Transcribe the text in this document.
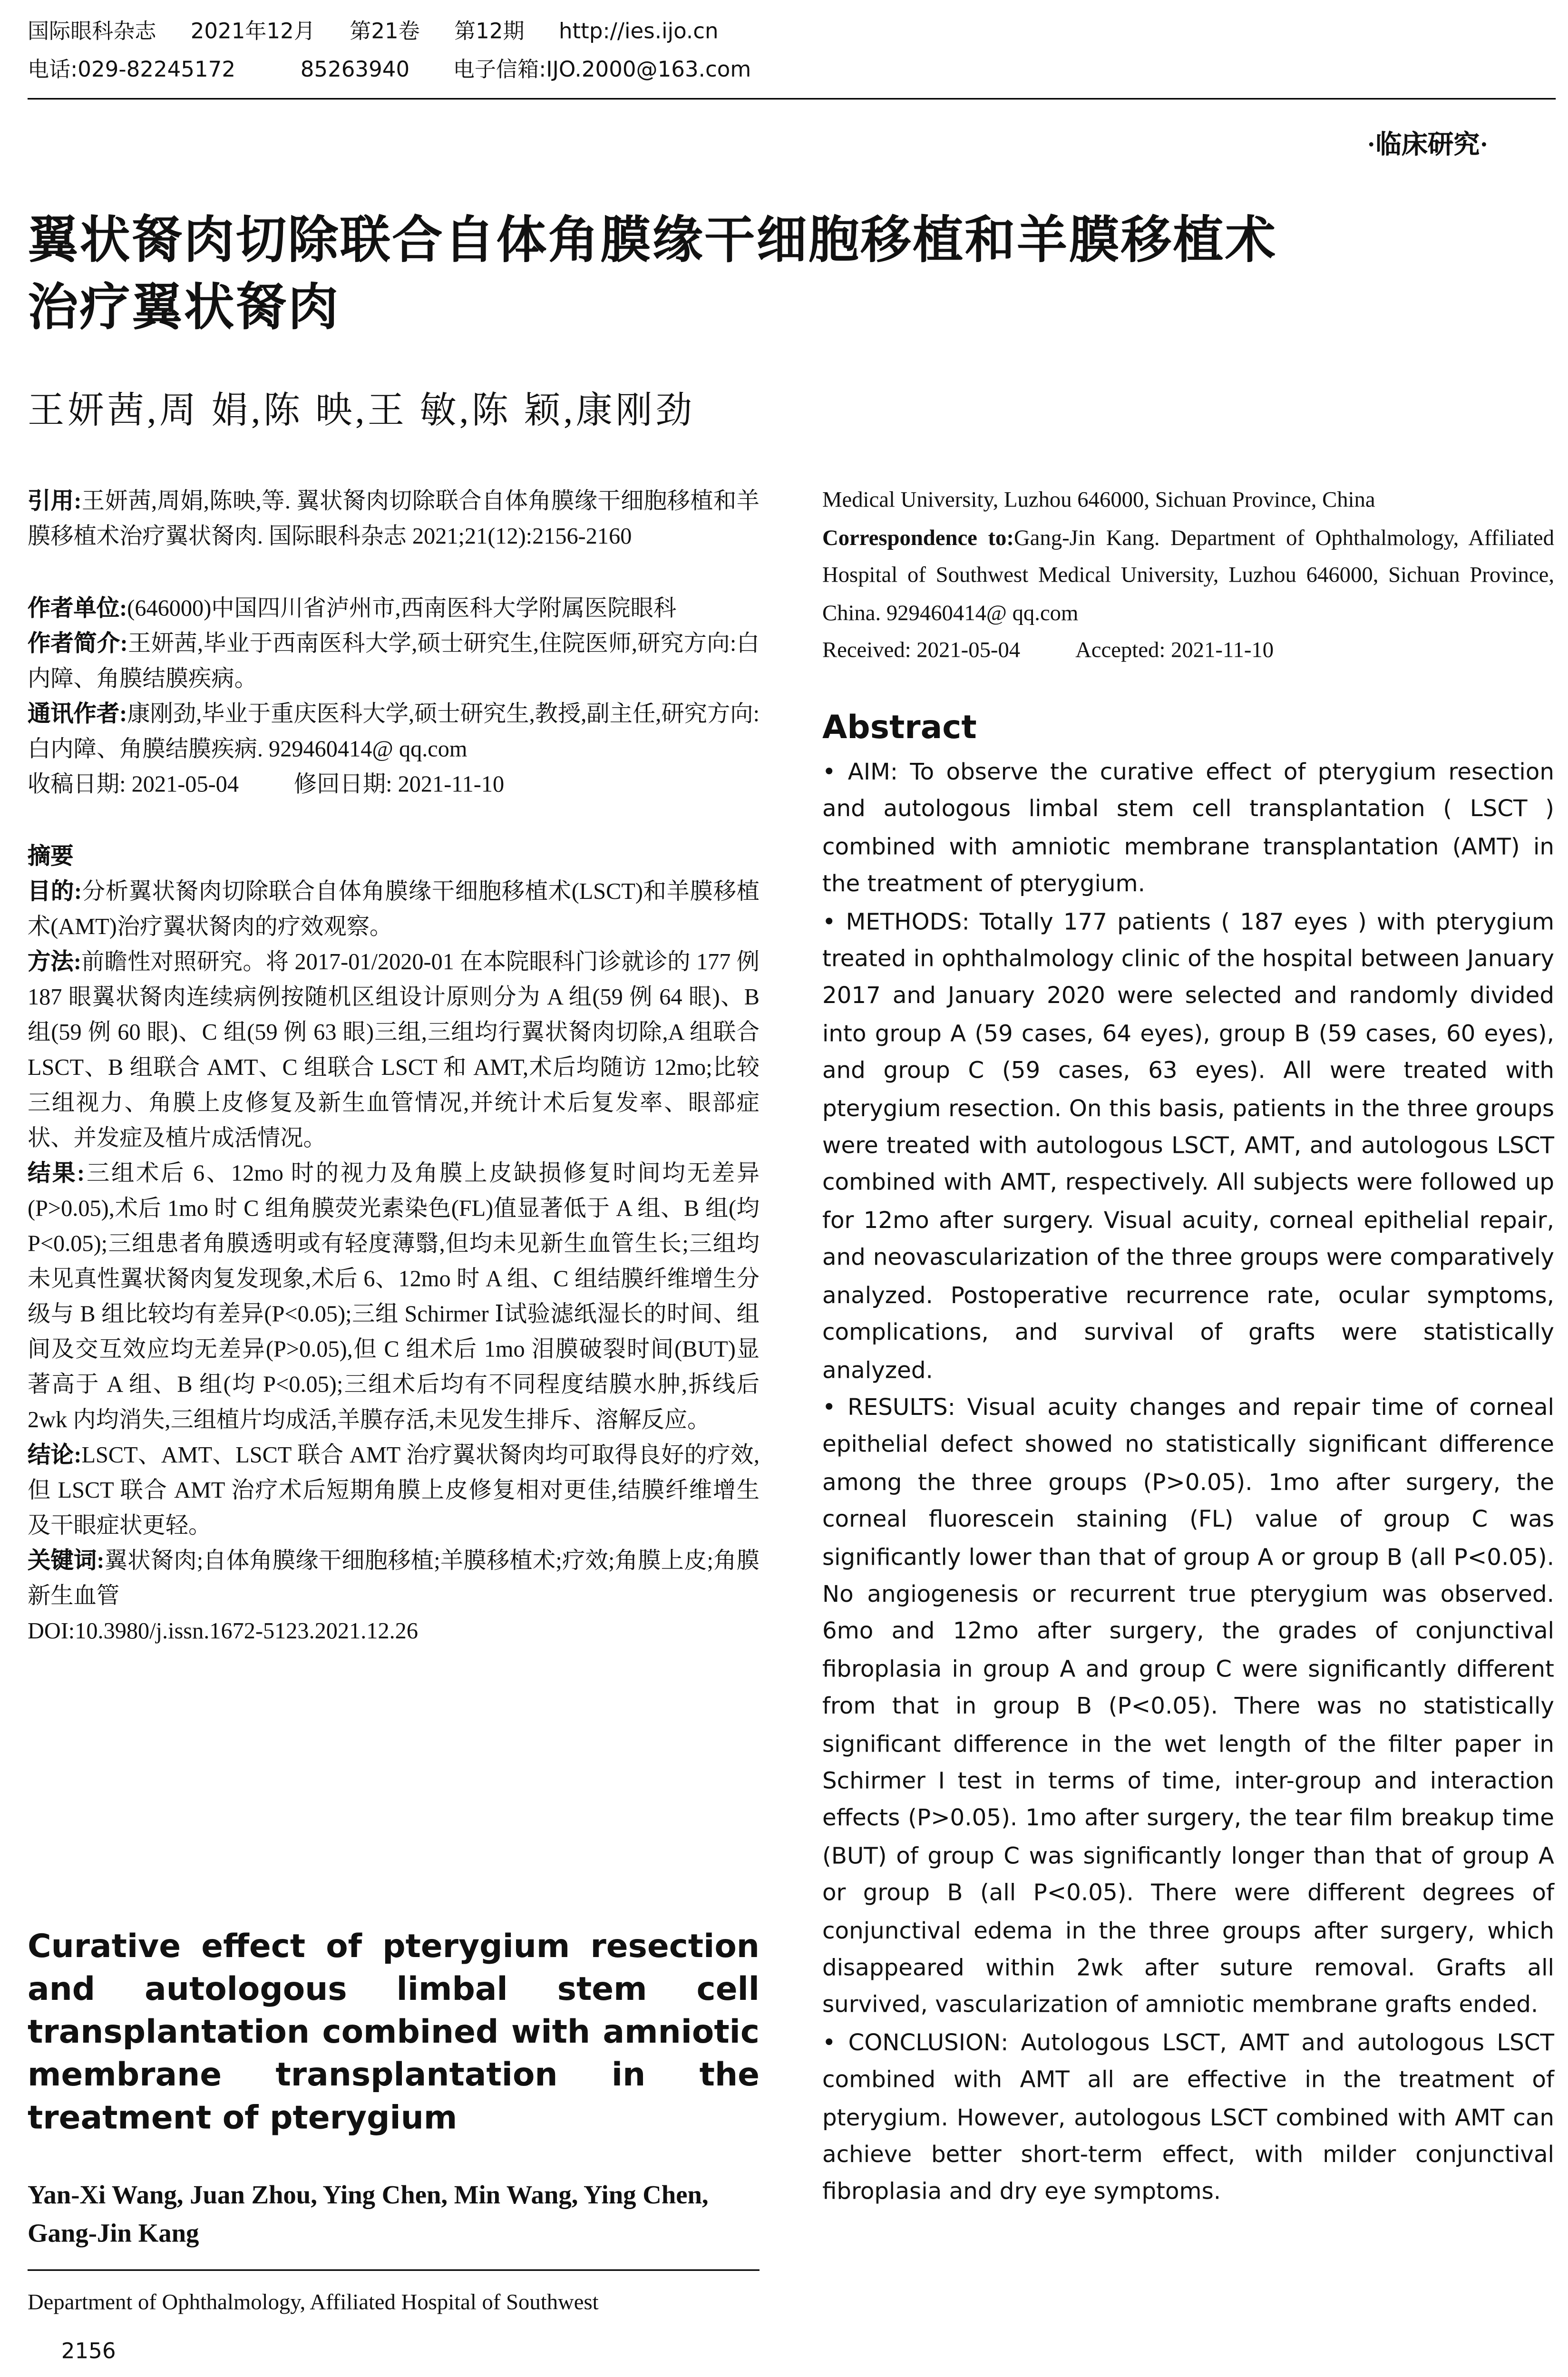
国际眼科杂志	2021年12月	第21卷	第12期	http://ies.ijo.cn
电话:029-82245172	85263940	电子信箱:IJO.2000@163.com
·临床研究·
翼状胬肉切除联合自体角膜缘干细胞移植和羊膜移植术
治疗翼状胬肉
王妍茜,周 娟,陈 映,王 敏,陈 颖,康刚劲

引用:王妍茜,周娟,陈映,等. 翼状胬肉切除联合自体角膜缘干细胞移植和羊膜移植术治疗翼状胬肉. 国际眼科杂志 2021;21(12):2156-2160

作者单位:(646000)中国四川省泸州市,西南医科大学附属医院眼科

作者简介:王妍茜,毕业于西南医科大学,硕士研究生,住院医师,研究方向:白内障、角膜结膜疾病。

通讯作者:康刚劲,毕业于重庆医科大学,硕士研究生,教授,副主任,研究方向:白内障、角膜结膜疾病. 929460414@ qq.com

收稿日期: 2021-05-04	修回日期: 2021-11-10

摘要

目的:分析翼状胬肉切除联合自体角膜缘干细胞移植术(LSCT)和羊膜移植术(AMT)治疗翼状胬肉的疗效观察。

方法:前瞻性对照研究。将 2017-01/2020-01 在本院眼科门诊就诊的 177 例 187 眼翼状胬肉连续病例按随机区组设计原则分为 A 组(59 例 64 眼)、B 组(59 例 60 眼)、C 组(59 例 63 眼)三组,三组均行翼状胬肉切除,A 组联合 LSCT、B 组联合 AMT、C 组联合 LSCT 和 AMT,术后均随访 12mo;比较三组视力、角膜上皮修复及新生血管情况,并统计术后复发率、眼部症状、并发症及植片成活情况。

结果:三组术后 6、12mo 时的视力及角膜上皮缺损修复时间均无差异(P>0.05),术后 1mo 时 C 组角膜荧光素染色(FL)值显著低于 A 组、B 组(均 P<0.05);三组患者角膜透明或有轻度薄翳,但均未见新生血管生长;三组均未见真性翼状胬肉复发现象,术后 6、12mo 时 A 组、C 组结膜纤维增生分级与 B 组比较均有差异(P<0.05);三组 Schirmer Ⅰ试验滤纸湿长的时间、组间及交互效应均无差异(P>0.05),但 C 组术后 1mo 泪膜破裂时间(BUT)显著高于 A 组、B 组(均 P<0.05);三组术后均有不同程度结膜水肿,拆线后 2wk 内均消失,三组植片均成活,羊膜存活,未见发生排斥、溶解反应。

结论:LSCT、AMT、LSCT 联合 AMT 治疗翼状胬肉均可取得良好的疗效,但 LSCT 联合 AMT 治疗术后短期角膜上皮修复相对更佳,结膜纤维增生及干眼症状更轻。

关键词:翼状胬肉;自体角膜缘干细胞移植;羊膜移植术;疗效;角膜上皮;角膜新生血管

DOI:10.3980/j.issn.1672-5123.2021.12.26

Curative effect of pterygium resection and autologous limbal stem cell transplantation combined with amniotic membrane transplantation in the treatment of pterygium
Yan-Xi Wang, Juan Zhou, Ying Chen, Min Wang, Ying Chen, Gang-Jin Kang
Department of Ophthalmology, Affiliated Hospital of Southwest
Medical University, Luzhou 646000, Sichuan Province, China
Correspondence to:Gang-Jin Kang. Department of Ophthalmology, Affiliated Hospital of Southwest Medical University, Luzhou 646000, Sichuan Province, China. 929460414@ qq.com
Received: 2021-05-04	Accepted: 2021-11-10
Abstract

• AIM: To observe the curative effect of pterygium resection and autologous limbal stem cell transplantation ( LSCT ) combined with amniotic membrane transplantation (AMT) in the treatment of pterygium.

• METHODS: Totally 177 patients ( 187 eyes ) with pterygium treated in ophthalmology clinic of the hospital between January 2017 and January 2020 were selected and randomly divided into group A (59 cases, 64 eyes), group B (59 cases, 60 eyes), and group C (59 cases, 63 eyes). All were treated with pterygium resection. On this basis, patients in the three groups were treated with autologous LSCT, AMT, and autologous LSCT combined with AMT, respectively. All subjects were followed up for 12mo after surgery. Visual acuity, corneal epithelial repair, and neovascularization of the three groups were comparatively analyzed. Postoperative recurrence rate, ocular symptoms, complications, and survival of grafts were statistically analyzed.

• RESULTS: Visual acuity changes and repair time of corneal epithelial defect showed no statistically significant difference among the three groups (P>0.05). 1mo after surgery, the corneal fluorescein staining (FL) value of group C was significantly lower than that of group A or group B (all P<0.05). No angiogenesis or recurrent true pterygium was observed. 6mo and 12mo after surgery, the grades of conjunctival fibroplasia in group A and group C were significantly different from that in group B (P<0.05). There was no statistically significant difference in the wet length of the filter paper in Schirmer I test in terms of time, inter-group and interaction effects (P>0.05). 1mo after surgery, the tear film breakup time (BUT) of group C was significantly longer than that of group A or group B (all P<0.05). There were different degrees of conjunctival edema in the three groups after surgery, which disappeared within 2wk after suture removal. Grafts all survived, vascularization of amniotic membrane grafts ended.

• CONCLUSION: Autologous LSCT, AMT and autologous LSCT combined with AMT all are effective in the treatment of pterygium. However, autologous LSCT combined with AMT can achieve better short-term effect, with milder conjunctival fibroplasia and dry eye symptoms.

2156
